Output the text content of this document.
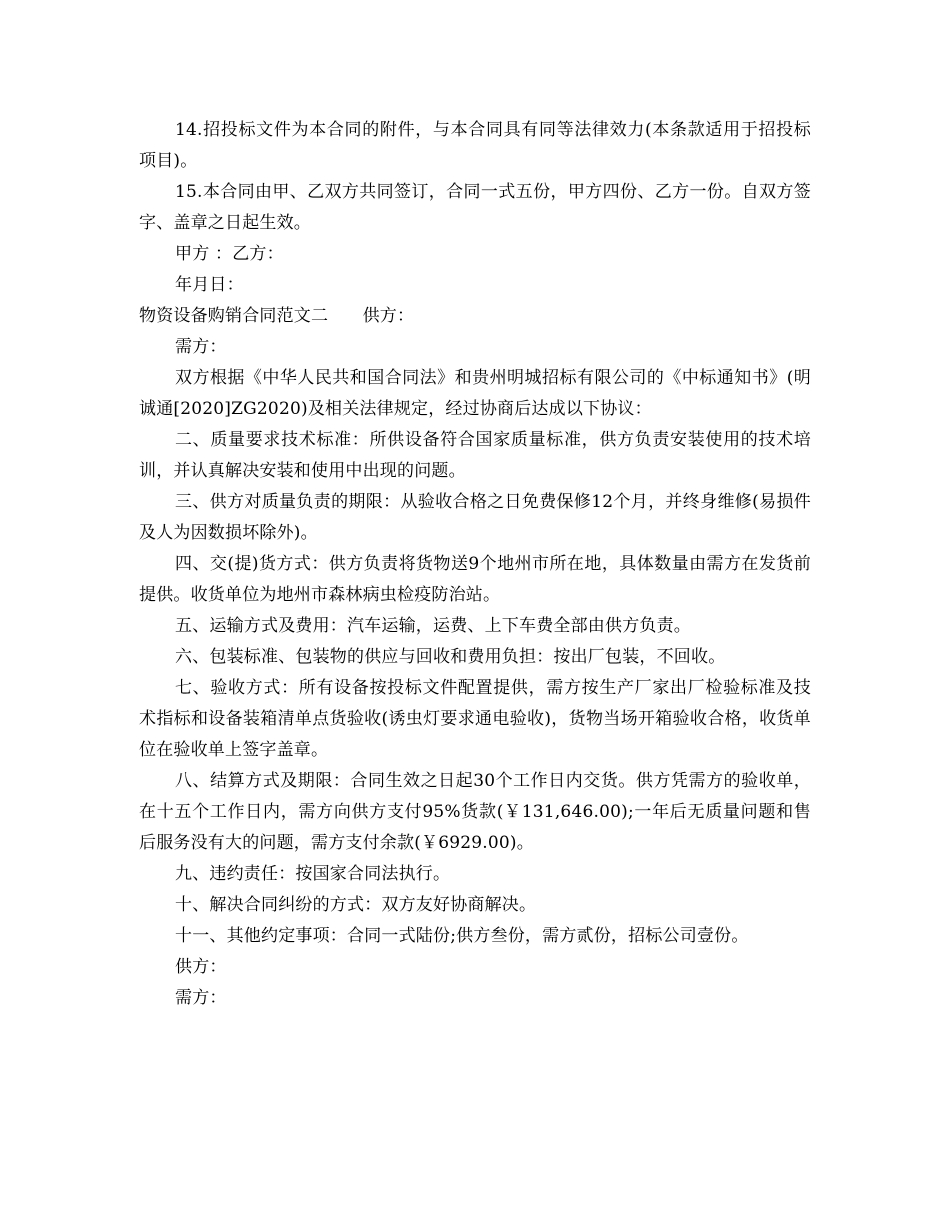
14.招投标文件为本合同的附件，与本合同具有同等法律效力(本条款适用于招投标项目)。

15.本合同由甲、乙双方共同签订，合同一式五份，甲方四份、乙方一份。自双方签字、盖章之日起生效。

甲方 ：乙方：

年月日：

物资设备购销合同范文二　　供方：

需方：

双方根据《中华人民共和国合同法》和贵州明城招标有限公司的《中标通知书》(明诚通[2020]ZG2020)及相关法律规定，经过协商后达成以下协议：

二、质量要求技术标准：所供设备符合国家质量标准，供方负责安装使用的技术培训，并认真解决安装和使用中出现的问题。

三、供方对质量负责的期限：从验收合格之日免费保修12个月，并终身维修(易损件及人为因数损坏除外)。

四、交(提)货方式：供方负责将货物送9个地州市所在地，具体数量由需方在发货前提供。收货单位为地州市森林病虫检疫防治站。

五、运输方式及费用：汽车运输，运费、上下车费全部由供方负责。

六、包装标准、包装物的供应与回收和费用负担：按出厂包装，不回收。

七、验收方式：所有设备按投标文件配置提供，需方按生产厂家出厂检验标准及技术指标和设备装箱清单点货验收(诱虫灯要求通电验收)，货物当场开箱验收合格，收货单位在验收单上签字盖章。

八、结算方式及期限：合同生效之日起30个工作日内交货。供方凭需方的验收单，在十五个工作日内，需方向供方支付95%货款(￥131,646.00);一年后无质量问题和售后服务没有大的问题，需方支付余款(￥6929.00)。

九、违约责任：按国家合同法执行。

十、解决合同纠纷的方式：双方友好协商解决。

十一、其他约定事项：合同一式陆份;供方叁份，需方贰份，招标公司壹份。

供方：

需方：
